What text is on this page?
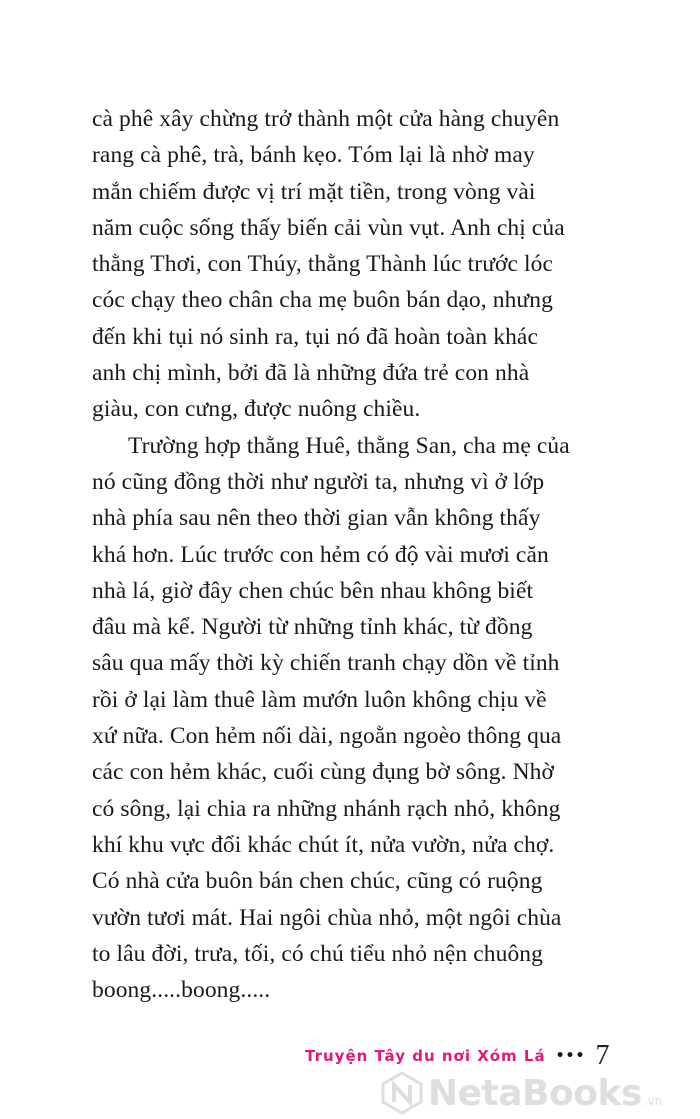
cà phê xây chừng trở thành một cửa hàng chuyên
rang cà phê, trà, bánh kẹo. Tóm lại là nhờ may
mắn chiếm được vị trí mặt tiền, trong vòng vài
năm cuộc sống thấy biến cải vùn vụt. Anh chị của
thằng Thơi, con Thúy, thằng Thành lúc trước lóc
cóc chạy theo chân cha mẹ buôn bán dạo, nhưng
đến khi tụi nó sinh ra, tụi nó đã hoàn toàn khác
anh chị mình, bởi đã là những đứa trẻ con nhà
giàu, con cưng, được nuông chiều.
Trường hợp thằng Huê, thằng San, cha mẹ của
nó cũng đồng thời như người ta, nhưng vì ở lớp
nhà phía sau nên theo thời gian vẫn không thấy
khá hơn. Lúc trước con hẻm có độ vài mươi căn
nhà lá, giờ đây chen chúc bên nhau không biết
đâu mà kể. Người từ những tỉnh khác, từ đồng
sâu qua mấy thời kỳ chiến tranh chạy dồn về tỉnh
rồi ở lại làm thuê làm mướn luôn không chịu về
xứ nữa. Con hẻm nối dài, ngoằn ngoèo thông qua
các con hẻm khác, cuối cùng đụng bờ sông. Nhờ
có sông, lại chia ra những nhánh rạch nhỏ, không
khí khu vực đổi khác chút ít, nửa vườn, nửa chợ.
Có nhà cửa buôn bán chen chúc, cũng có ruộng
vườn tươi mát. Hai ngôi chùa nhỏ, một ngôi chùa
to lâu đời, trưa, tối, có chú tiểu nhỏ nện chuông
boong.....boong.....
Truyện Tây du nơi Xóm Lá ••• 7
NetaBooks .vn
